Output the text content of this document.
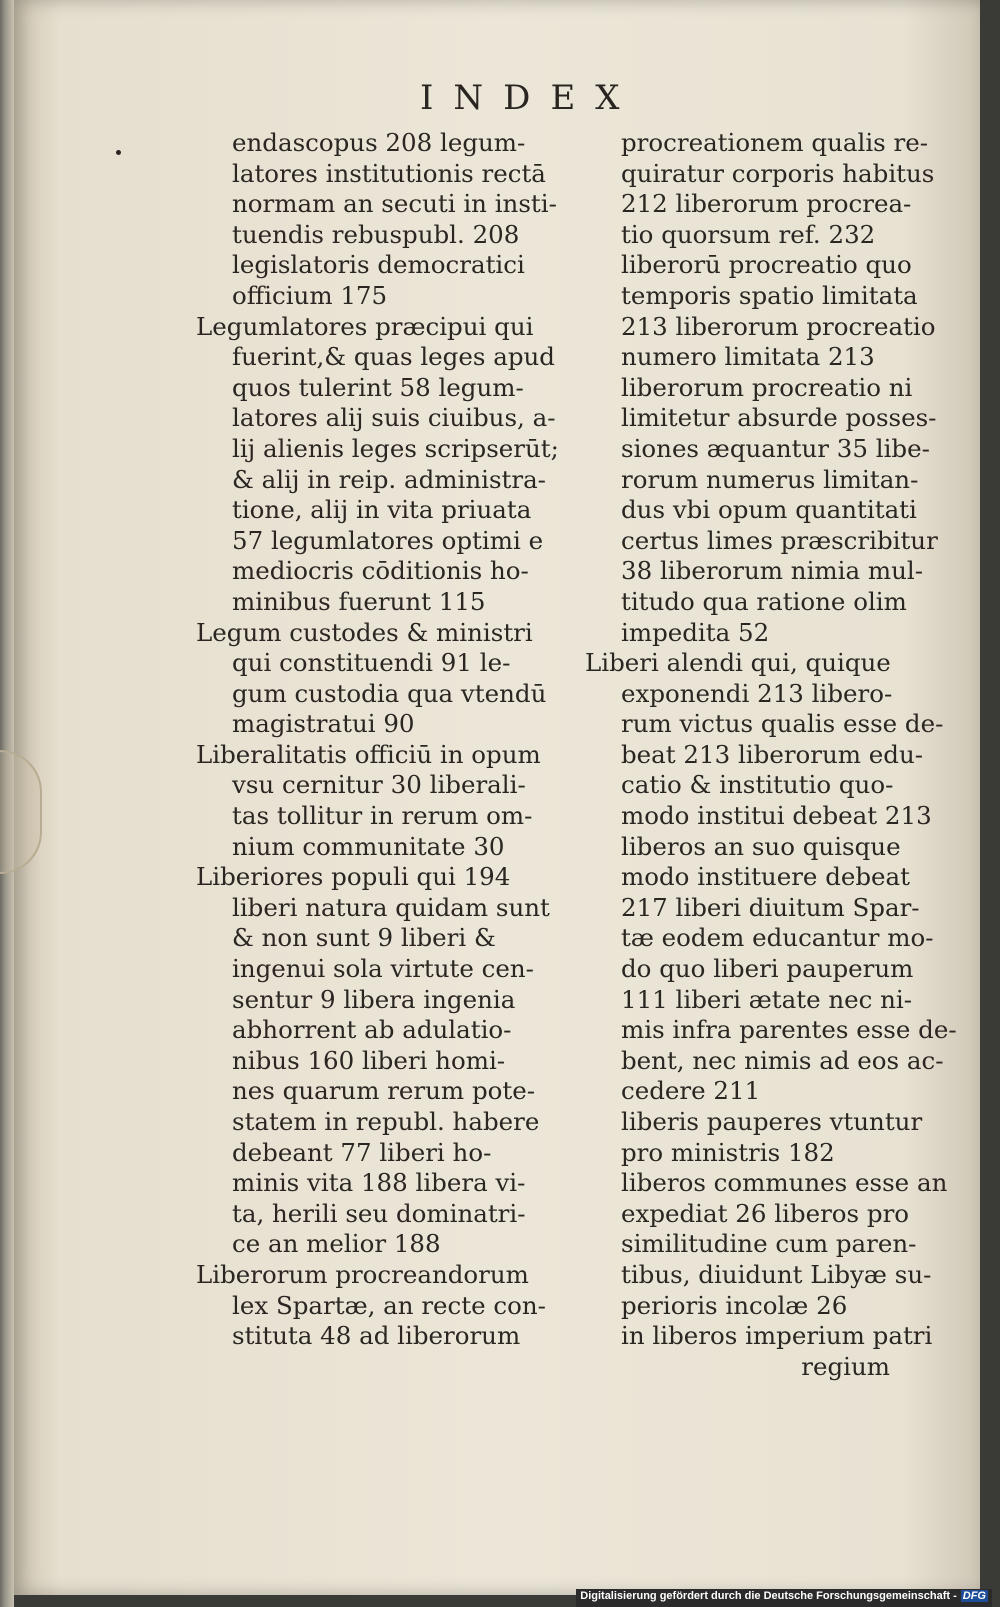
INDEX
endascopus 208 legum-
latores institutionis rectā
normam an secuti in insti-
tuendis rebuspubl. 208
legislatoris democratici
officium 175
Legumlatores præcipui qui
fuerint,& quas leges apud
quos tulerint 58 legum-
latores alij suis ciuibus, a-
lij alienis leges scripserūt;
& alij in reip. administra-
tione, alij in vita priuata
57 legumlatores optimi e
mediocris cōditionis ho-
minibus fuerunt 115
Legum custodes & ministri
qui constituendi 91 le-
gum custodia qua vtendū
magistratui 90
Liberalitatis officiū in opum
vsu cernitur 30 liberali-
tas tollitur in rerum om-
nium communitate 30
Liberiores populi qui 194
liberi natura quidam sunt
& non sunt 9 liberi &
ingenui sola virtute cen-
sentur 9 libera ingenia
abhorrent ab adulatio-
nibus 160 liberi homi-
nes quarum rerum pote-
statem in republ. habere
debeant 77 liberi ho-
minis vita 188 libera vi-
ta, herili seu dominatri-
ce an melior 188
Liberorum procreandorum
lex Spartæ, an recte con-
stituta 48 ad liberorum
procreationem qualis re-
quiratur corporis habitus
212 liberorum procrea-
tio quorsum ref. 232
liberorū procreatio quo
temporis spatio limitata
213 liberorum procreatio
numero limitata 213
liberorum procreatio ni
limitetur absurde posses-
siones æquantur 35 libe-
rorum numerus limitan-
dus vbi opum quantitati
certus limes præscribitur
38 liberorum nimia mul-
titudo qua ratione olim
impedita 52
Liberi alendi qui, quique
exponendi 213 libero-
rum victus qualis esse de-
beat 213 liberorum edu-
catio & institutio quo-
modo institui debeat 213
liberos an suo quisque
modo instituere debeat
217 liberi diuitum Spar-
tæ eodem educantur mo-
do quo liberi pauperum
111 liberi ætate nec ni-
mis infra parentes esse de-
bent, nec nimis ad eos ac-
cedere 211
liberis pauperes vtuntur
pro ministris 182
liberos communes esse an
expediat 26 liberos pro
similitudine cum paren-
tibus, diuidunt Libyæ su-
perioris incolæ 26
in liberos imperium patri
regium
Digitalisierung gefördert durch die Deutsche Forschungsgemeinschaft - DFG
